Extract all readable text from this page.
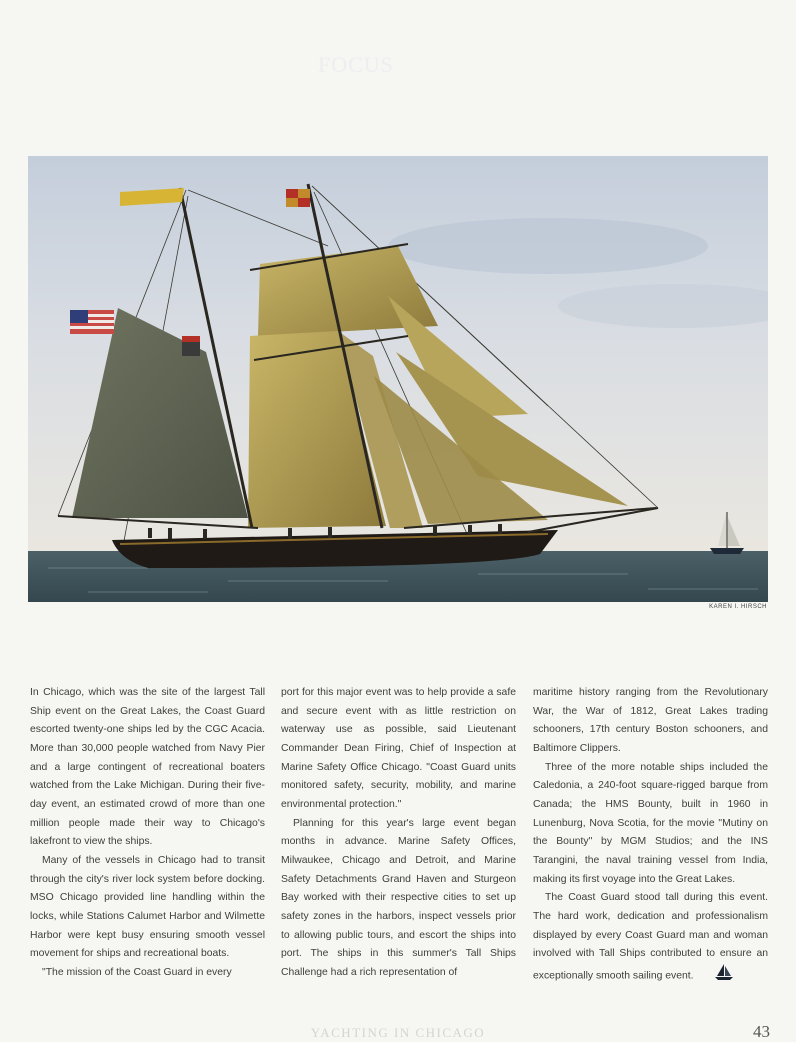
FOCUS
KAREN I. HIRSCH

In Chicago, which was the site of the largest Tall Ship event on the Great Lakes, the Coast Guard escorted twenty-one ships led by the CGC Acacia. More than 30,000 people watched from Navy Pier and a large contingent of recreational boaters watched from the Lake Michigan. During their five-day event, an estimated crowd of more than one million people made their way to Chicago's lakefront to view the ships.

Many of the vessels in Chicago had to transit through the city's river lock system before docking. MSO Chicago provided line handling within the locks, while Stations Calumet Harbor and Wilmette Harbor were kept busy ensuring smooth vessel movement for ships and recreational boats.

"The mission of the Coast Guard in every

port for this major event was to help provide a safe and secure event with as little restriction on waterway use as possible, said Lieutenant Commander Dean Firing, Chief of Inspection at Marine Safety Office Chicago. "Coast Guard units monitored safety, security, mobility, and marine environmental protection."

Planning for this year's large event began months in advance. Marine Safety Offices, Milwaukee, Chicago and Detroit, and Marine Safety Detachments Grand Haven and Sturgeon Bay worked with their respective cities to set up safety zones in the harbors, inspect vessels prior to allowing public tours, and escort the ships into port. The ships in this summer's Tall Ships Challenge had a rich representation of

maritime history ranging from the Revolutionary War, the War of 1812, Great Lakes trading schooners, 17th century Boston schooners, and Baltimore Clippers.

Three of the more notable ships included the Caledonia, a 240-foot square-rigged barque from Canada; the HMS Bounty, built in 1960 in Lunenburg, Nova Scotia, for the movie "Mutiny on the Bounty" by MGM Studios; and the INS Tarangini, the naval training vessel from India, making its first voyage into the Great Lakes.

The Coast Guard stood tall during this event. The hard work, dedication and professionalism displayed by every Coast Guard man and woman involved with Tall Ships contributed to ensure an exceptionally smooth sailing event.

YACHTING IN CHICAGO	43
